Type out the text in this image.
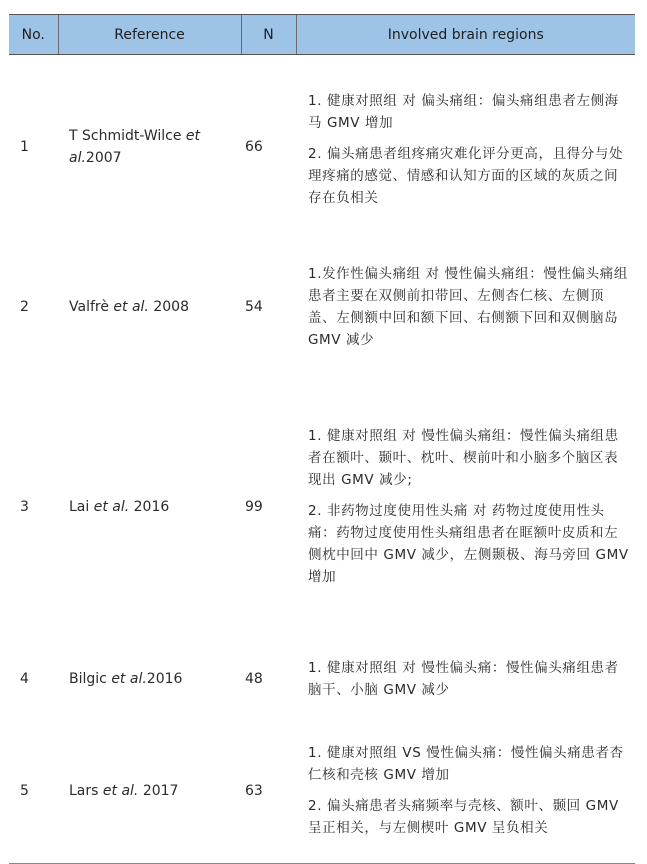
No.	Reference	N	Involved brain regions
1	T Schmidt-Wilce et al.2007	66	1. 健康对照组 对 偏头痛组：偏头痛组患者左侧海马 GMV 增加
2. 偏头痛患者组疼痛灾难化评分更高，且得分与处理疼痛的感觉、情感和认知方面的区域的灰质之间存在负相关

2	Valfrè et al. 2008	54	1.发作性偏头痛组 对 慢性偏头痛组：慢性偏头痛组患者主要在双侧前扣带回、左侧杏仁核、左侧顶盖、左侧额中回和额下回、右侧额下回和双侧脑岛 GMV 减少

3	Lai et al. 2016	99	1. 健康对照组 对 慢性偏头痛组：慢性偏头痛组患者在额叶、颞叶、枕叶、楔前叶和小脑多个脑区表现出 GMV 减少;
2. 非药物过度使用性头痛 对 药物过度使用性头痛：药物过度使用性头痛组患者在眶额叶皮质和左侧枕中回中 GMV 减少，左侧颞极、海马旁回 GMV 增加

4	Bilgic et al.2016	48	1. 健康对照组 对 慢性偏头痛：慢性偏头痛组患者脑干、小脑 GMV 减少

5	Lars et al. 2017	63	1. 健康对照组 VS 慢性偏头痛：慢性偏头痛患者杏仁核和壳核 GMV 增加
2. 偏头痛患者头痛频率与壳核、额叶、颞回 GMV 呈正相关，与左侧楔叶 GMV 呈负相关
